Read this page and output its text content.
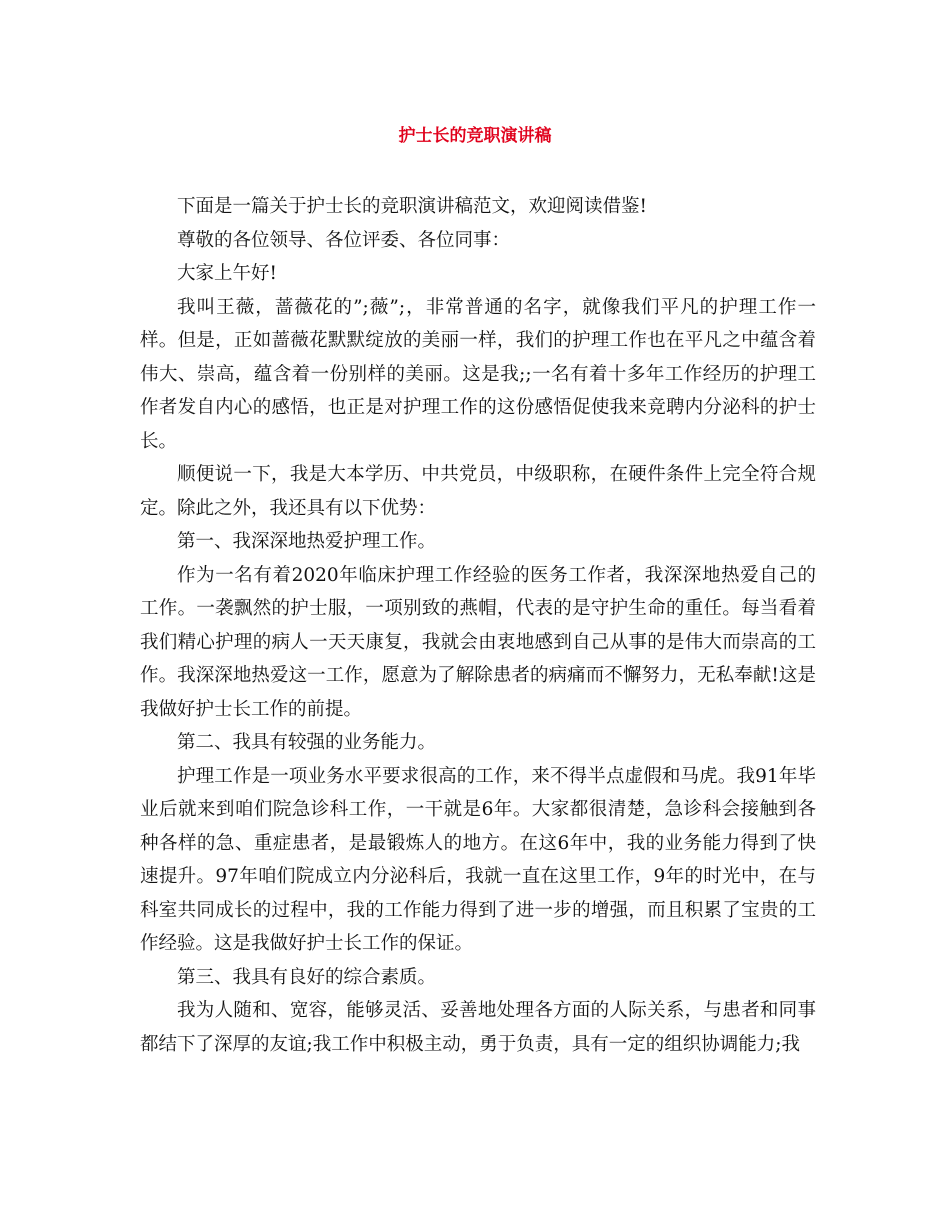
护士长的竞职演讲稿

下面是一篇关于护士长的竞职演讲稿范文，欢迎阅读借鉴!

尊敬的各位领导、各位评委、各位同事：

大家上午好!

我叫王薇，蔷薇花的”;薇”;，非常普通的名字，就像我们平凡的护理工作一样。但是，正如蔷薇花默默绽放的美丽一样，我们的护理工作也在平凡之中蕴含着伟大、崇高，蕴含着一份别样的美丽。这是我;;一名有着十多年工作经历的护理工作者发自内心的感悟，也正是对护理工作的这份感悟促使我来竞聘内分泌科的护士长。

顺便说一下，我是大本学历、中共党员，中级职称，在硬件条件上完全符合规定。除此之外，我还具有以下优势：

第一、我深深地热爱护理工作。

作为一名有着2020年临床护理工作经验的医务工作者，我深深地热爱自己的工作。一袭飘然的护士服，一项别致的燕帽，代表的是守护生命的重任。每当看着我们精心护理的病人一天天康复，我就会由衷地感到自己从事的是伟大而崇高的工作。我深深地热爱这一工作，愿意为了解除患者的病痛而不懈努力，无私奉献!这是我做好护士长工作的前提。

第二、我具有较强的业务能力。

护理工作是一项业务水平要求很高的工作，来不得半点虚假和马虎。我91年毕业后就来到咱们院急诊科工作，一干就是6年。大家都很清楚，急诊科会接触到各种各样的急、重症患者，是最锻炼人的地方。在这6年中，我的业务能力得到了快速提升。97年咱们院成立内分泌科后，我就一直在这里工作，9年的时光中，在与科室共同成长的过程中，我的工作能力得到了进一步的增强，而且积累了宝贵的工作经验。这是我做好护士长工作的保证。

第三、我具有良好的综合素质。

我为人随和、宽容，能够灵活、妥善地处理各方面的人际关系，与患者和同事都结下了深厚的友谊;我工作中积极主动，勇于负责，具有一定的组织协调能力;我
